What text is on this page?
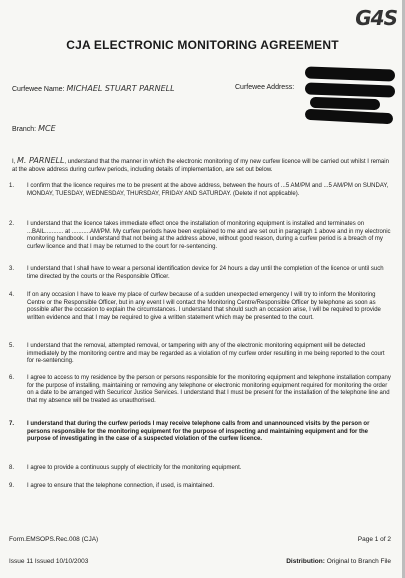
G4S
CJA ELECTRONIC MONITORING AGREEMENT
Curfewee Name: MICHAEL STUART PARNELL	Curfewee Address:
Branch: MCE
I, M. PARNELL, understand that the manner in which the electronic monitoring of my new curfew licence will be carried out whilst I remain at the above address during curfew periods, including details of implementation, are set out below.
1.	I confirm that the licence requires me to be present at the above address, between the hours of ...5 AM/PM and ...5 AM/PM on SUNDAY, MONDAY, TUESDAY, WEDNESDAY, THURSDAY, FRIDAY AND SATURDAY. (Delete if not applicable).
2.	I understand that the licence takes immediate effect once the installation of monitoring equipment is installed and terminates on ...BAIL........... at ...........AM/PM. My curfew periods have been explained to me and are set out in paragraph 1 above and in my electronic monitoring handbook. I understand that not being at the address above, without good reason, during a curfew period is a breach of my curfew licence and that I may be returned to the court for re-sentencing.
3.	I understand that I shall have to wear a personal identification device for 24 hours a day until the completion of the licence or until such time directed by the courts or the Responsible Officer.
4.	If on any occasion I have to leave my place of curfew because of a sudden unexpected emergency I will try to inform the Monitoring Centre or the Responsible Officer, but in any event I will contact the Monitoring Centre/Responsible Officer by telephone as soon as possible after the occasion to explain the circumstances. I understand that should such an occasion arise, I will be required to provide written evidence and that I may be required to give a written statement which may be presented to the court.
5.	I understand that the removal, attempted removal, or tampering with any of the electronic monitoring equipment will be detected immediately by the monitoring centre and may be regarded as a violation of my curfew order resulting in me being reported to the court for re-sentencing.
6.	I agree to access to my residence by the person or persons responsible for the monitoring equipment and telephone installation company for the purpose of installing, maintaining or removing any telephone or electronic monitoring equipment required for monitoring the order on a date to be arranged with Securicor Justice Services. I understand that I must be present for the installation of the telephone line and that my absence will be treated as unauthorised.
7.	I understand that during the curfew periods I may receive telephone calls from and unannounced visits by the person or persons responsible for the monitoring equipment for the purpose of inspecting and maintaining equipment and for the purpose of investigating in the case of a suspected violation of the curfew licence.
8.	I agree to provide a continuous supply of electricity for the monitoring equipment.
9.	I agree to ensure that the telephone connection, if used, is maintained.
Form.EMSOPS.Rec.008 (CJA)	Page 1 of 2
Issue 11 Issued 10/10/2003	Distribution: Original to Branch File
